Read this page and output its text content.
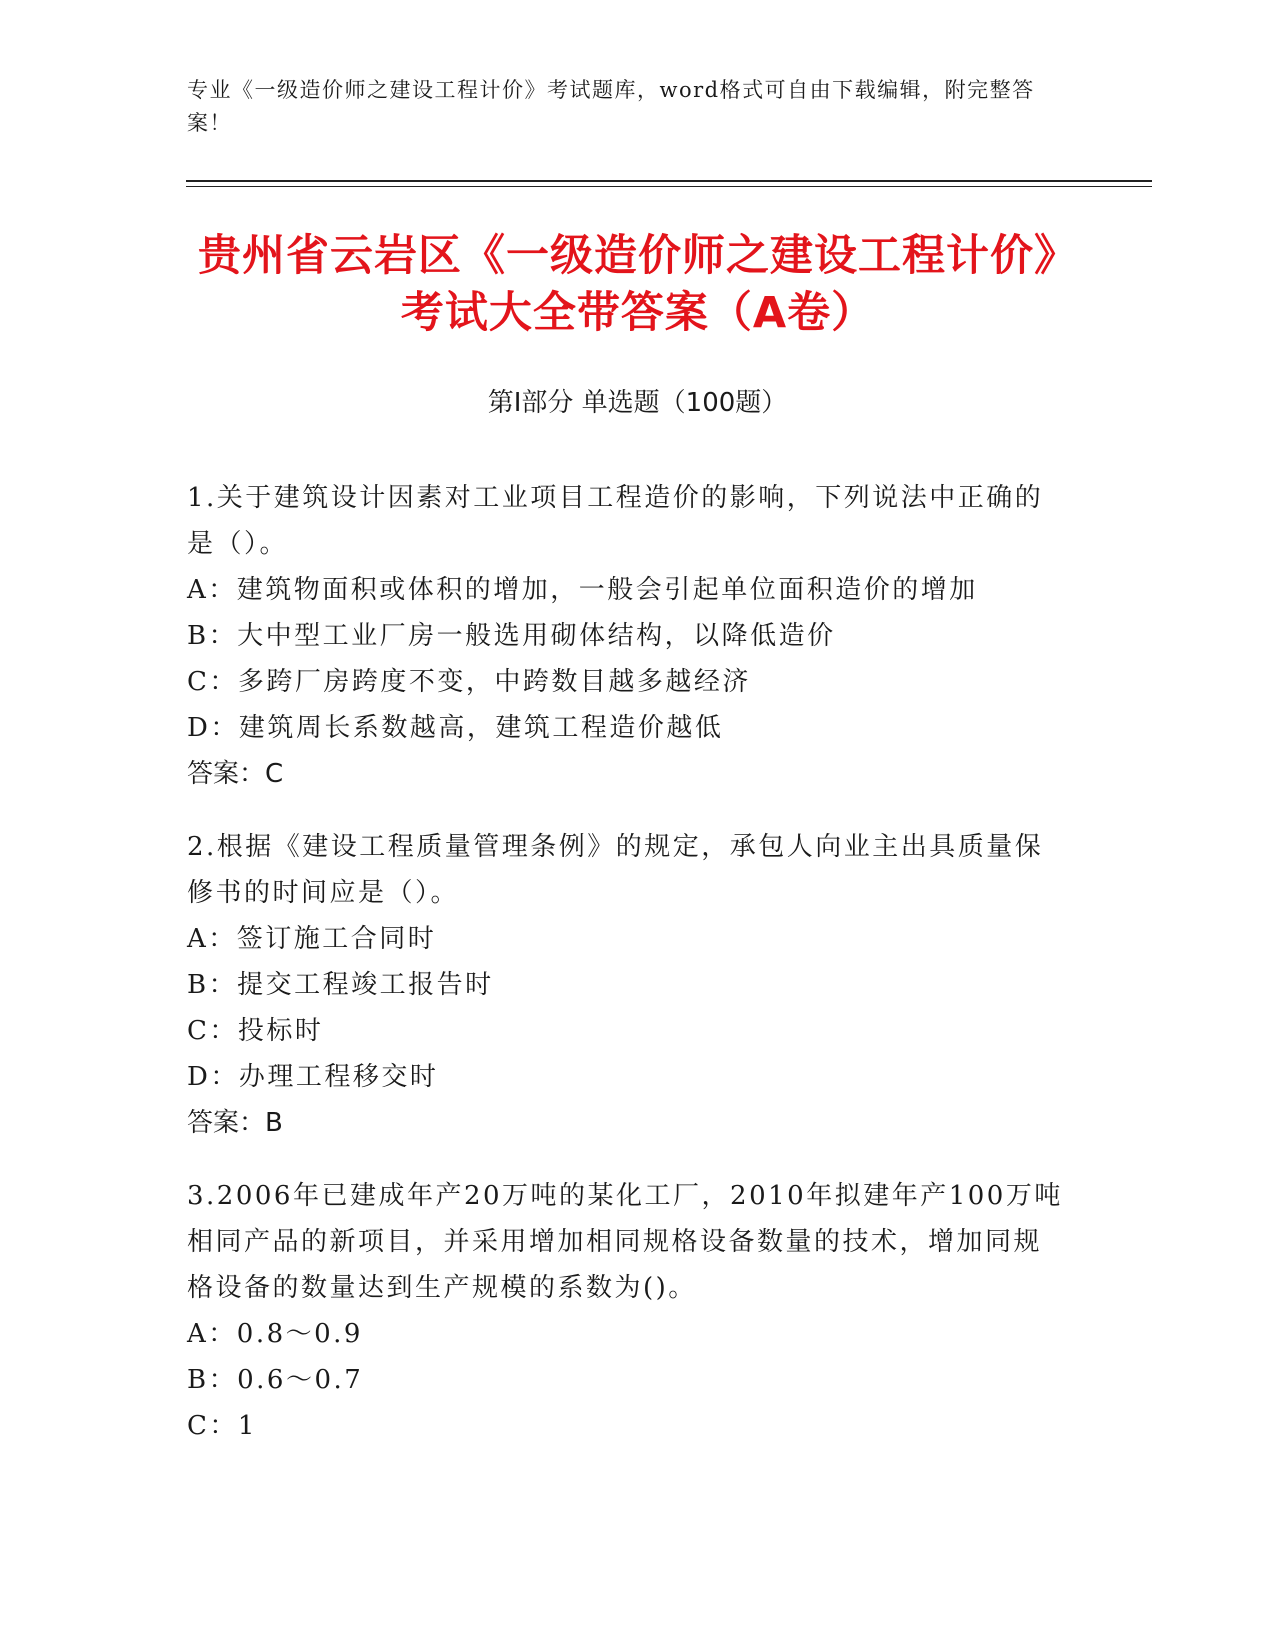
专业《一级造价师之建设工程计价》考试题库，word格式可自由下载编辑，附完整答案！
贵州省云岩区《一级造价师之建设工程计价》考试大全带答案（A卷）
第Ⅰ部分 单选题（100题）
1.关于建筑设计因素对工业项目工程造价的影响，下列说法中正确的是（）。
A：建筑物面积或体积的增加，一般会引起单位面积造价的增加
B：大中型工业厂房一般选用砌体结构，以降低造价
C：多跨厂房跨度不变，中跨数目越多越经济
D：建筑周长系数越高，建筑工程造价越低
答案：C
2.根据《建设工程质量管理条例》的规定，承包人向业主出具质量保修书的时间应是（）。
A：签订施工合同时
B：提交工程竣工报告时
C：投标时
D：办理工程移交时
答案：B
3.2006年已建成年产20万吨的某化工厂，2010年拟建年产100万吨相同产品的新项目，并采用增加相同规格设备数量的技术，增加同规格设备的数量达到生产规模的系数为()。
A：0.8～0.9
B：0.6～0.7
C：1
